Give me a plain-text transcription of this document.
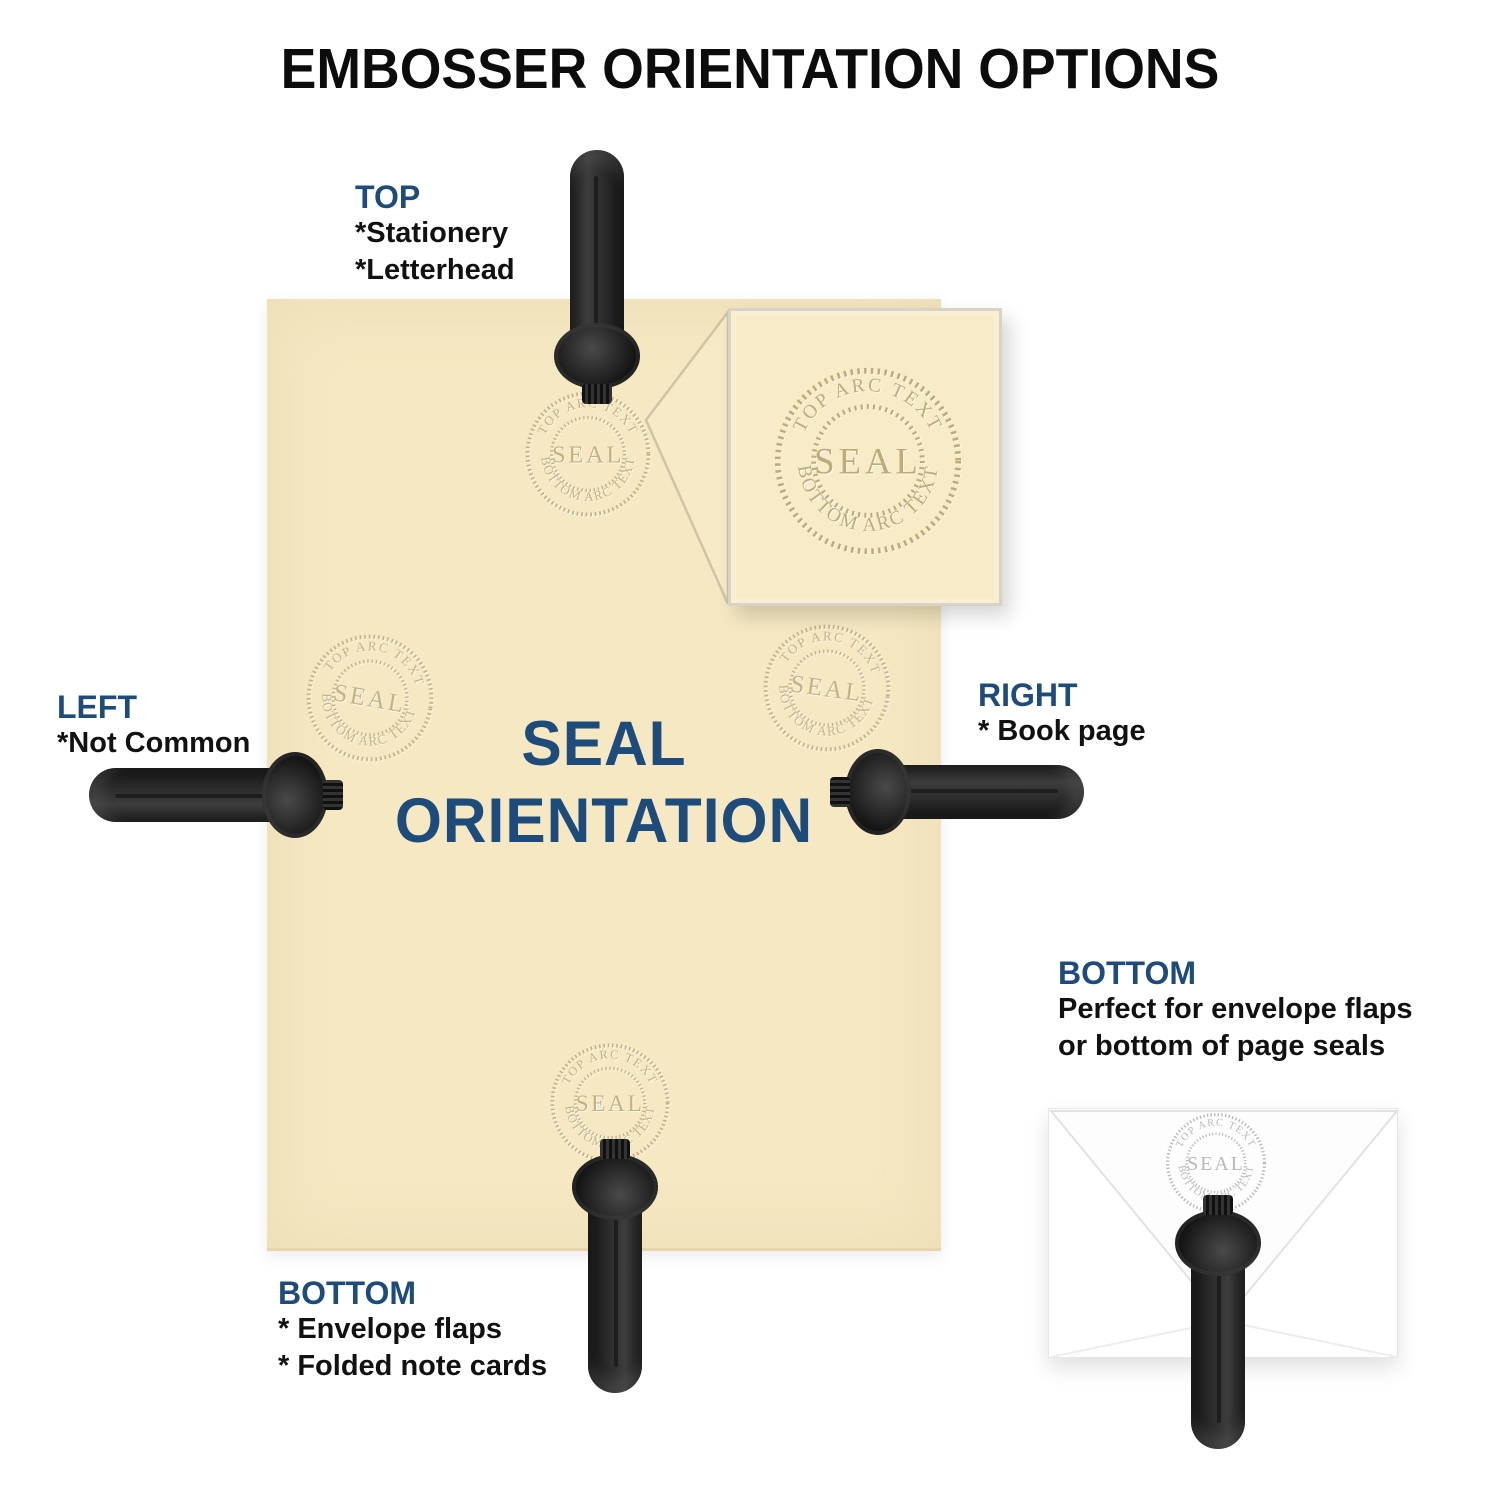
EMBOSSER ORIENTATION OPTIONS
SEAL
ORIENTATION
TOP
*Stationery
*Letterhead
LEFT
*Not Common
RIGHT
* Book page
BOTTOM
* Envelope flaps
* Folded note cards
BOTTOM
Perfect for envelope flaps
or bottom of page seals
